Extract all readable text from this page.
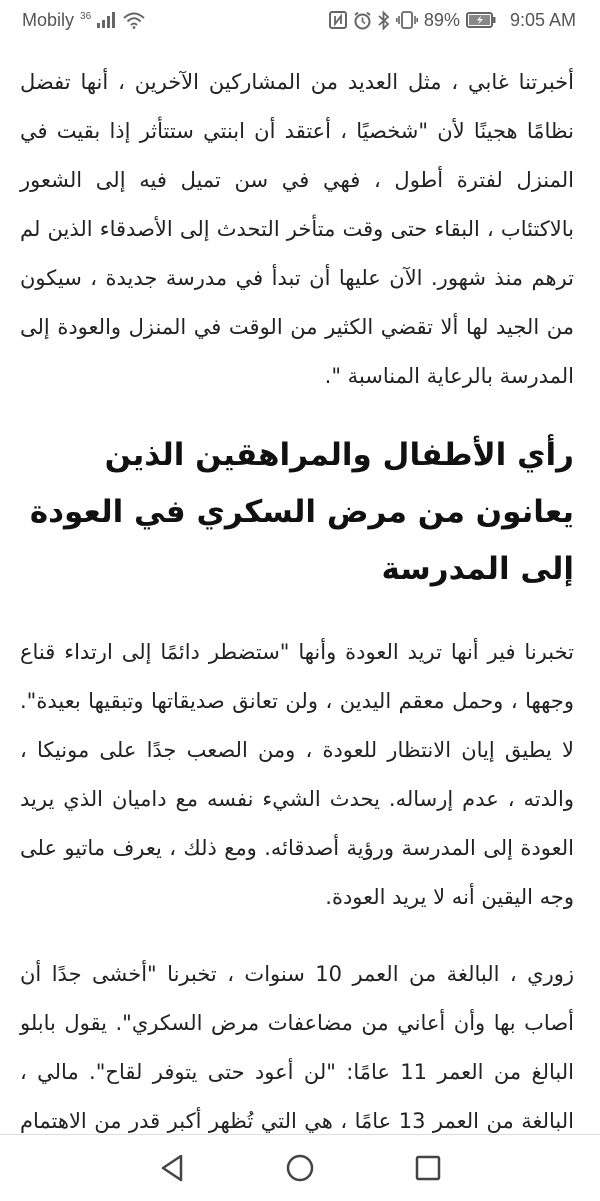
Mobily $^{36}$	89%	9:05 AM

أخبرتنا غابي ، مثل العديد من المشاركين الآخرين ، أنها تفضل نظامًا هجينًا لأن "شخصيًا ، أعتقد أن ابنتي ستتأثر إذا بقيت في المنزل لفترة أطول ، فهي في سن تميل فيه إلى الشعور بالاكتئاب ، البقاء حتى وقت متأخر التحدث إلى الأصدقاء الذين لم ترهم منذ شهور. الآن عليها أن تبدأ في مدرسة جديدة ، سيكون من الجيد لها ألا تقضي الكثير من الوقت في المنزل والعودة إلى المدرسة بالرعاية المناسبة ".

رأي الأطفال والمراهقين الذين يعانون من مرض السكري في العودة إلى المدرسة

تخبرنا فير أنها تريد العودة وأنها "ستضطر دائمًا إلى ارتداء قناع وجهها ، وحمل معقم اليدين ، ولن تعانق صديقاتها وتبقيها بعيدة". لا يطيق إيان الانتظار للعودة ، ومن الصعب جدًا على مونيكا ، والدته ، عدم إرساله. يحدث الشيء نفسه مع داميان الذي يريد العودة إلى المدرسة ورؤية أصدقائه. ومع ذلك ، يعرف ماتيو على وجه اليقين أنه لا يريد العودة.

زوري ، البالغة من العمر 10 سنوات ، تخبرنا "أخشى جدًا أن أصاب بها وأن أعاني من مضاعفات مرض السكري". يقول بابلو البالغ من العمر 11 عامًا: "لن أعود حتى يتوفر لقاح". مالي ، البالغة من العمر 13 عامًا ، هي التي تُظهر أكبر قدر من الاهتمام
